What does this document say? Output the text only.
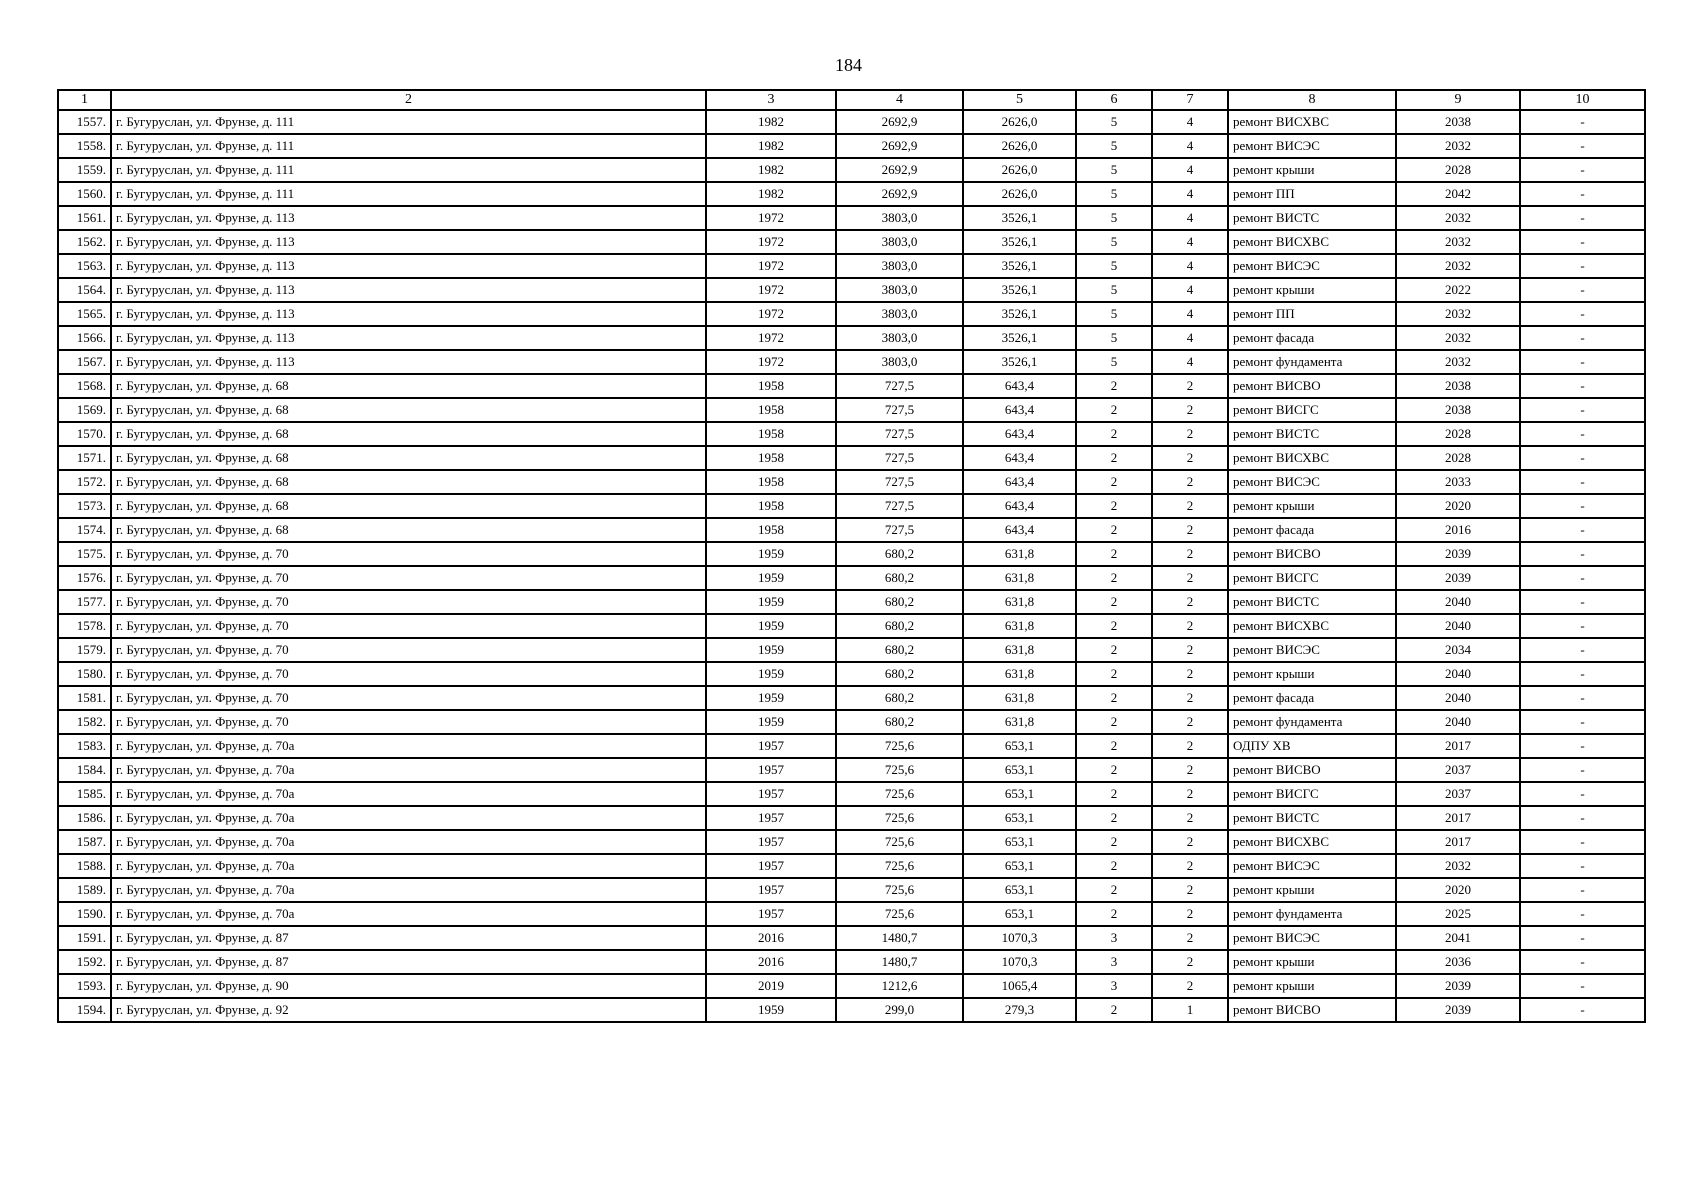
184
1	2	3	4	5	6	7	8	9	10
1557.	г. Бугуруслан, ул. Фрунзе, д. 111	1982	2692,9	2626,0	5	4	ремонт ВИСХВС	2038	-
1558.	г. Бугуруслан, ул. Фрунзе, д. 111	1982	2692,9	2626,0	5	4	ремонт ВИСЭС	2032	-
1559.	г. Бугуруслан, ул. Фрунзе, д. 111	1982	2692,9	2626,0	5	4	ремонт крыши	2028	-
1560.	г. Бугуруслан, ул. Фрунзе, д. 111	1982	2692,9	2626,0	5	4	ремонт ПП	2042	-
1561.	г. Бугуруслан, ул. Фрунзе, д. 113	1972	3803,0	3526,1	5	4	ремонт ВИСТС	2032	-
1562.	г. Бугуруслан, ул. Фрунзе, д. 113	1972	3803,0	3526,1	5	4	ремонт ВИСХВС	2032	-
1563.	г. Бугуруслан, ул. Фрунзе, д. 113	1972	3803,0	3526,1	5	4	ремонт ВИСЭС	2032	-
1564.	г. Бугуруслан, ул. Фрунзе, д. 113	1972	3803,0	3526,1	5	4	ремонт крыши	2022	-
1565.	г. Бугуруслан, ул. Фрунзе, д. 113	1972	3803,0	3526,1	5	4	ремонт ПП	2032	-
1566.	г. Бугуруслан, ул. Фрунзе, д. 113	1972	3803,0	3526,1	5	4	ремонт фасада	2032	-
1567.	г. Бугуруслан, ул. Фрунзе, д. 113	1972	3803,0	3526,1	5	4	ремонт фундамента	2032	-
1568.	г. Бугуруслан, ул. Фрунзе, д. 68	1958	727,5	643,4	2	2	ремонт ВИСВО	2038	-
1569.	г. Бугуруслан, ул. Фрунзе, д. 68	1958	727,5	643,4	2	2	ремонт ВИСГС	2038	-
1570.	г. Бугуруслан, ул. Фрунзе, д. 68	1958	727,5	643,4	2	2	ремонт ВИСТС	2028	-
1571.	г. Бугуруслан, ул. Фрунзе, д. 68	1958	727,5	643,4	2	2	ремонт ВИСХВС	2028	-
1572.	г. Бугуруслан, ул. Фрунзе, д. 68	1958	727,5	643,4	2	2	ремонт ВИСЭС	2033	-
1573.	г. Бугуруслан, ул. Фрунзе, д. 68	1958	727,5	643,4	2	2	ремонт крыши	2020	-
1574.	г. Бугуруслан, ул. Фрунзе, д. 68	1958	727,5	643,4	2	2	ремонт фасада	2016	-
1575.	г. Бугуруслан, ул. Фрунзе, д. 70	1959	680,2	631,8	2	2	ремонт ВИСВО	2039	-
1576.	г. Бугуруслан, ул. Фрунзе, д. 70	1959	680,2	631,8	2	2	ремонт ВИСГС	2039	-
1577.	г. Бугуруслан, ул. Фрунзе, д. 70	1959	680,2	631,8	2	2	ремонт ВИСТС	2040	-
1578.	г. Бугуруслан, ул. Фрунзе, д. 70	1959	680,2	631,8	2	2	ремонт ВИСХВС	2040	-
1579.	г. Бугуруслан, ул. Фрунзе, д. 70	1959	680,2	631,8	2	2	ремонт ВИСЭС	2034	-
1580.	г. Бугуруслан, ул. Фрунзе, д. 70	1959	680,2	631,8	2	2	ремонт крыши	2040	-
1581.	г. Бугуруслан, ул. Фрунзе, д. 70	1959	680,2	631,8	2	2	ремонт фасада	2040	-
1582.	г. Бугуруслан, ул. Фрунзе, д. 70	1959	680,2	631,8	2	2	ремонт фундамента	2040	-
1583.	г. Бугуруслан, ул. Фрунзе, д. 70а	1957	725,6	653,1	2	2	ОДПУ ХВ	2017	-
1584.	г. Бугуруслан, ул. Фрунзе, д. 70а	1957	725,6	653,1	2	2	ремонт ВИСВО	2037	-
1585.	г. Бугуруслан, ул. Фрунзе, д. 70а	1957	725,6	653,1	2	2	ремонт ВИСГС	2037	-
1586.	г. Бугуруслан, ул. Фрунзе, д. 70а	1957	725,6	653,1	2	2	ремонт ВИСТС	2017	-
1587.	г. Бугуруслан, ул. Фрунзе, д. 70а	1957	725,6	653,1	2	2	ремонт ВИСХВС	2017	-
1588.	г. Бугуруслан, ул. Фрунзе, д. 70а	1957	725,6	653,1	2	2	ремонт ВИСЭС	2032	-
1589.	г. Бугуруслан, ул. Фрунзе, д. 70а	1957	725,6	653,1	2	2	ремонт крыши	2020	-
1590.	г. Бугуруслан, ул. Фрунзе, д. 70а	1957	725,6	653,1	2	2	ремонт фундамента	2025	-
1591.	г. Бугуруслан, ул. Фрунзе, д. 87	2016	1480,7	1070,3	3	2	ремонт ВИСЭС	2041	-
1592.	г. Бугуруслан, ул. Фрунзе, д. 87	2016	1480,7	1070,3	3	2	ремонт крыши	2036	-
1593.	г. Бугуруслан, ул. Фрунзе, д. 90	2019	1212,6	1065,4	3	2	ремонт крыши	2039	-
1594.	г. Бугуруслан, ул. Фрунзе, д. 92	1959	299,0	279,3	2	1	ремонт ВИСВО	2039	-
